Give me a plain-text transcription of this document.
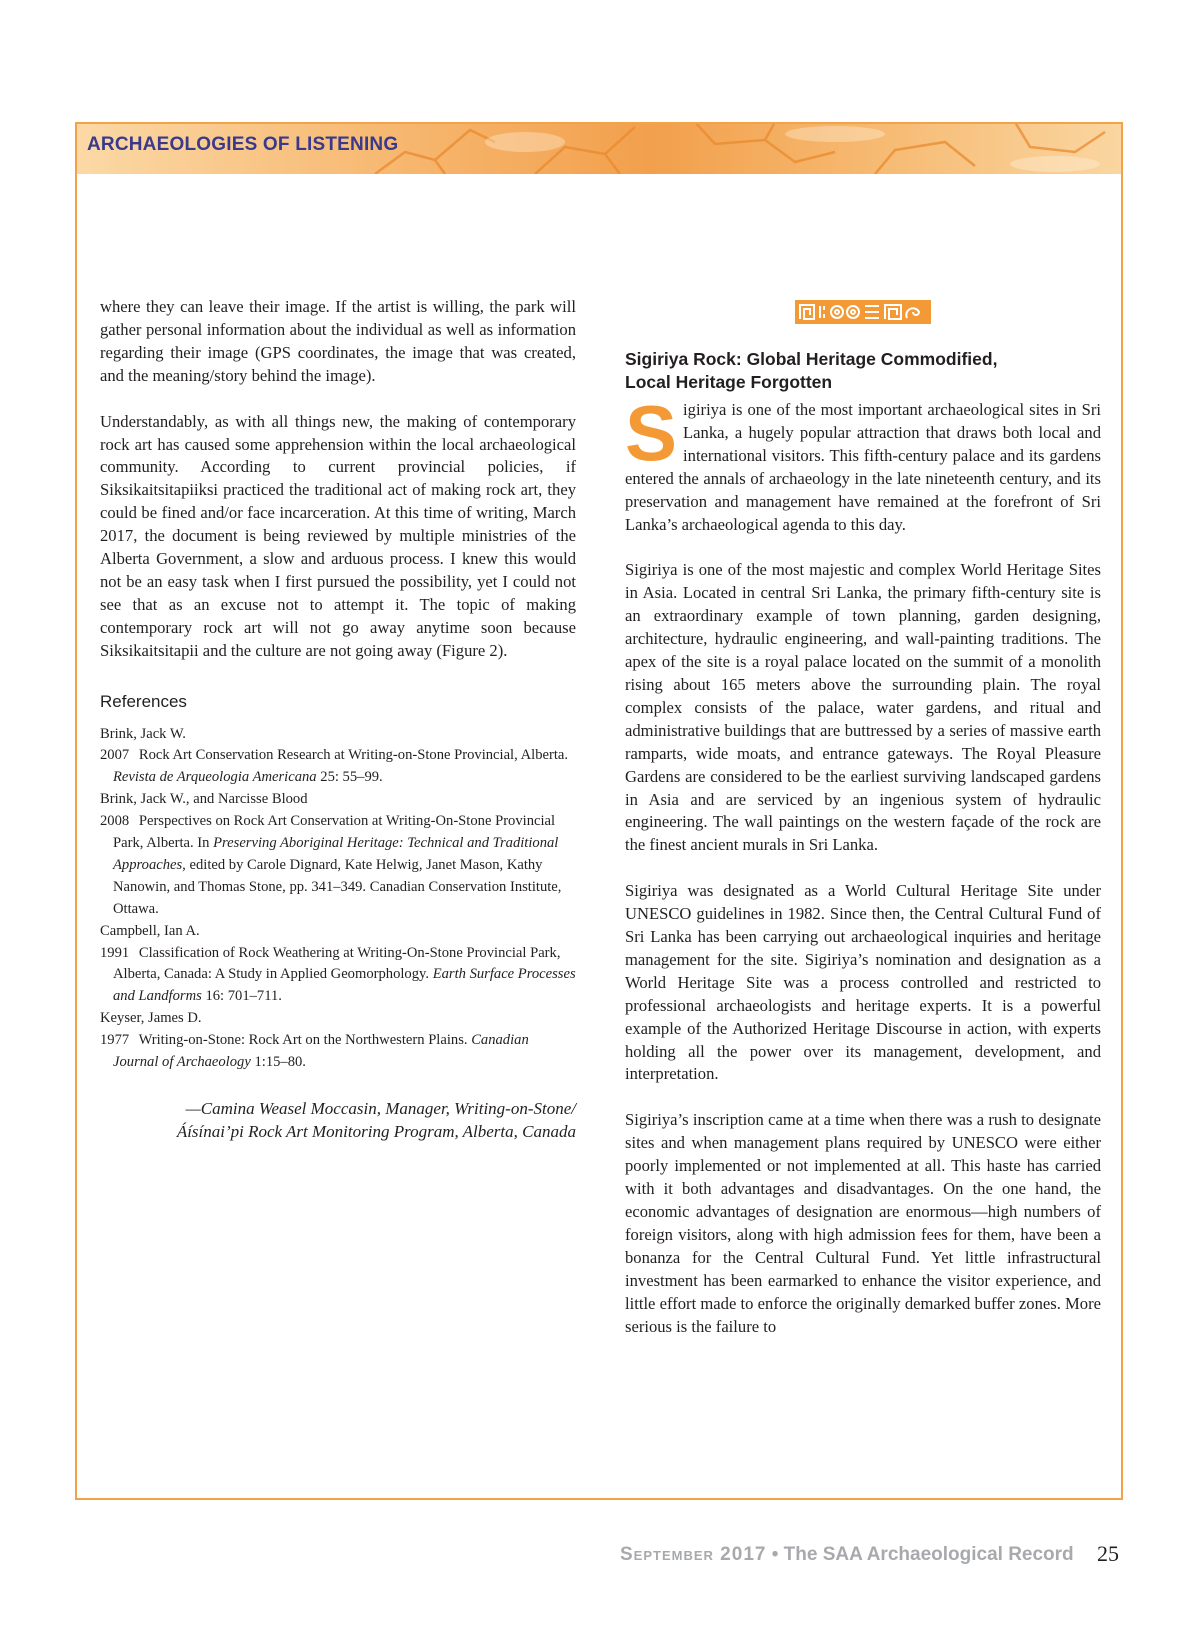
ARCHAEOLOGIES OF LISTENING

where they can leave their image. If the artist is willing, the park will gather personal information about the individual as well as information regarding their image (GPS coordinates, the image that was created, and the meaning/story behind the image).

Understandably, as with all things new, the making of contemporary rock art has caused some apprehension within the local archaeological community. According to current provincial policies, if Siksikaitsitapiiksi practiced the traditional act of making rock art, they could be fined and/or face incarceration. At this time of writing, March 2017, the document is being reviewed by multiple ministries of the Alberta Government, a slow and arduous process. I knew this would not be an easy task when I first pursued the possibility, yet I could not see that as an excuse not to attempt it. The topic of making contemporary rock art will not go away anytime soon because Siksikaitsitapii and the culture are not going away (Figure 2).

References

Brink, Jack W.

2007 Rock Art Conservation Research at Writing-on-Stone Provincial, Alberta. Revista de Arqueologia Americana 25: 55–99.

Brink, Jack W., and Narcisse Blood

2008 Perspectives on Rock Art Conservation at Writing-On-Stone Provincial Park, Alberta. In Preserving Aboriginal Heritage: Technical and Traditional Approaches, edited by Carole Dignard, Kate Helwig, Janet Mason, Kathy Nanowin, and Thomas Stone, pp. 341–349. Canadian Conservation Institute, Ottawa.

Campbell, Ian A.

1991 Classification of Rock Weathering at Writing-On-Stone Provincial Park, Alberta, Canada: A Study in Applied Geomorphology. Earth Surface Processes and Landforms 16: 701–711.

Keyser, James D.

1977 Writing-on-Stone: Rock Art on the Northwestern Plains. Canadian Journal of Archaeology 1:15–80.

—Camina Weasel Moccasin, Manager, Writing-on-Stone/
Áísínai’pi Rock Art Monitoring Program, Alberta, Canada
Sigiriya Rock: Global Heritage Commodified,
Local Heritage Forgotten

Sigiriya is one of the most important archaeological sites in Sri Lanka, a hugely popular attraction that draws both local and international visitors. This fifth-century palace and its gardens entered the annals of archaeology in the late nineteenth century, and its preservation and management have remained at the forefront of Sri Lanka’s archaeological agenda to this day.

Sigiriya is one of the most majestic and complex World Heritage Sites in Asia. Located in central Sri Lanka, the primary fifth-century site is an extraordinary example of town planning, garden designing, architecture, hydraulic engineering, and wall-painting traditions. The apex of the site is a royal palace located on the summit of a monolith rising about 165 meters above the surrounding plain. The royal complex consists of the palace, water gardens, and ritual and administrative buildings that are buttressed by a series of massive earth ramparts, wide moats, and entrance gateways. The Royal Pleasure Gardens are considered to be the earliest surviving landscaped gardens in Asia and are serviced by an ingenious system of hydraulic engineering. The wall paintings on the western façade of the rock are the finest ancient murals in Sri Lanka.

Sigiriya was designated as a World Cultural Heritage Site under UNESCO guidelines in 1982. Since then, the Central Cultural Fund of Sri Lanka has been carrying out archaeological inquiries and heritage management for the site. Sigiriya’s nomination and designation as a World Heritage Site was a process controlled and restricted to professional archaeologists and heritage experts. It is a powerful example of the Authorized Heritage Discourse in action, with experts holding all the power over its management, development, and interpretation.

Sigiriya’s inscription came at a time when there was a rush to designate sites and when management plans required by UNESCO were either poorly implemented or not implemented at all. This haste has carried with it both advantages and disadvantages. On the one hand, the economic advantages of designation are enormous—high numbers of foreign visitors, along with high admission fees for them, have been a bonanza for the Central Cultural Fund. Yet little infrastructural investment has been earmarked to enhance the visitor experience, and little effort made to enforce the originally demarked buffer zones. More serious is the failure to

September 2017 • The SAA Archaeological Record 25
